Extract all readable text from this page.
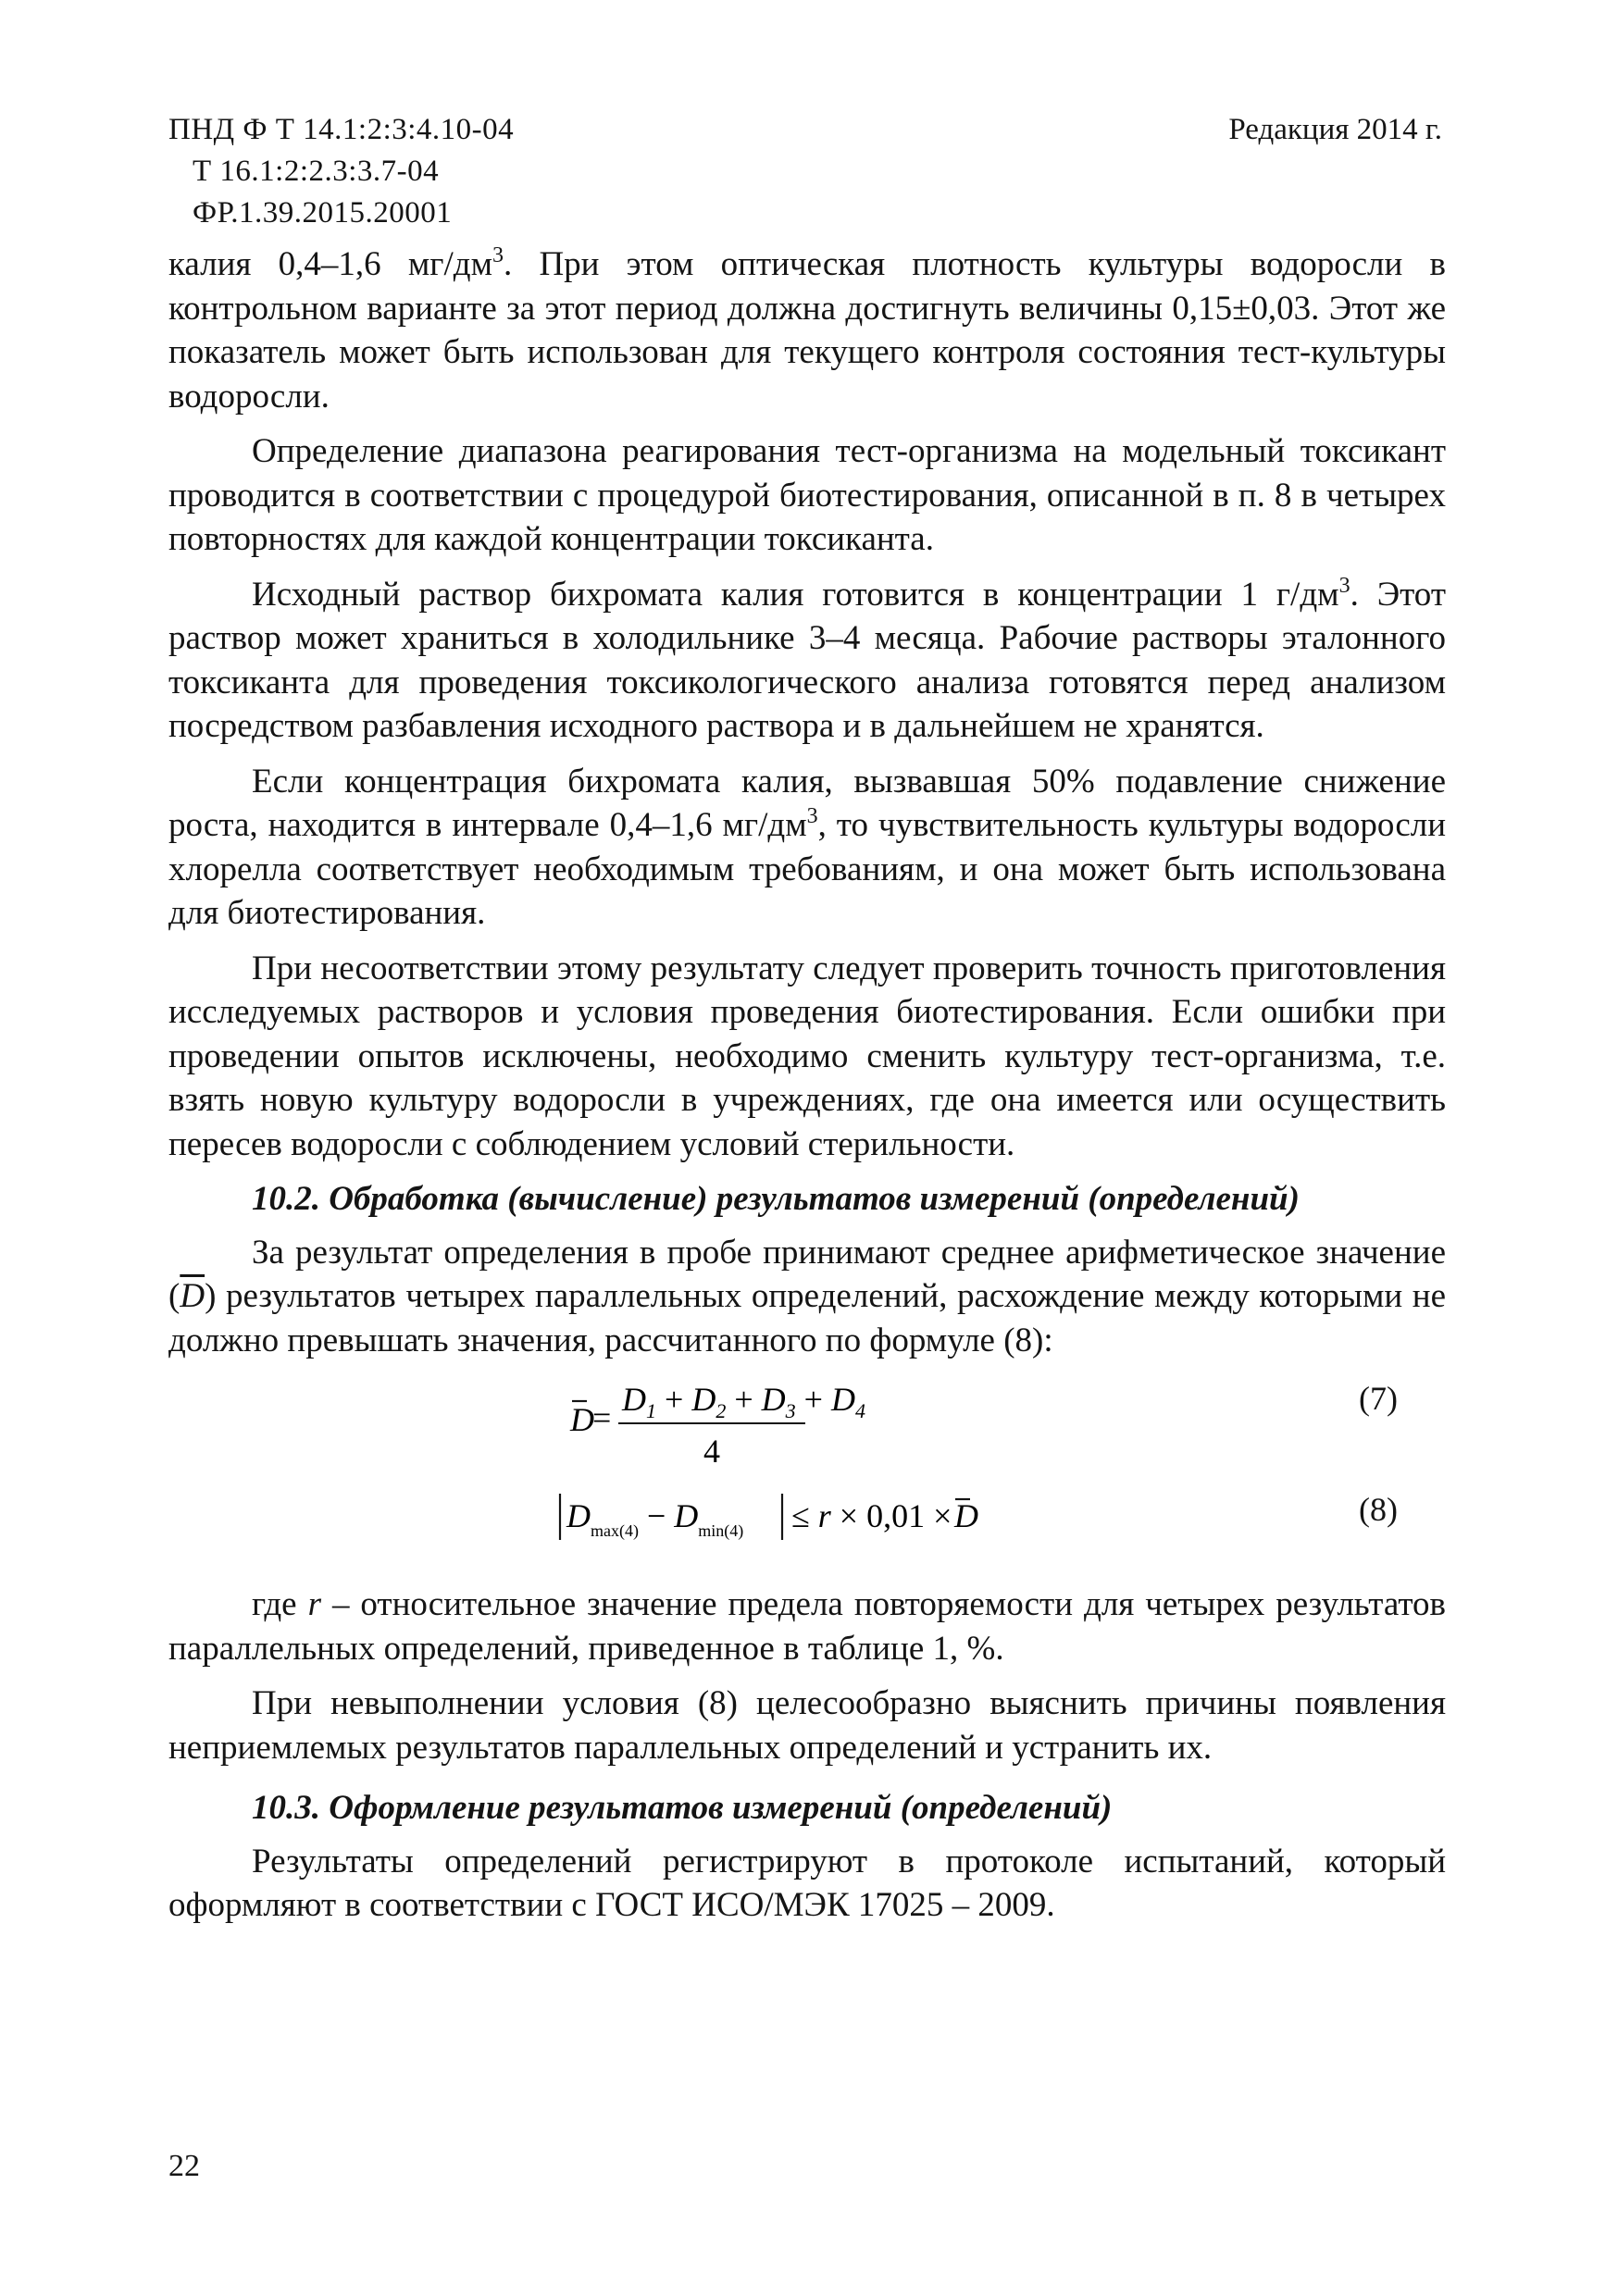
ПНД Ф Т 14.1:2:3:4.10-04
Т 16.1:2:2.3:3.7-04
ФР.1.39.2015.20001
Редакция 2014 г.

калия 0,4–1,6 $мг/дм^3$. При этом оптическая плотность культуры водоросли в контрольном варианте за этот период должна достигнуть величины 0,15±0,03. Этот же показатель может быть использован для текущего контроля состояния тест-культуры водоросли.

Определение диапазона реагирования тест-организма на модельный токсикант проводится в соответствии с процедурой биотестирования, описанной в п. 8 в четырех повторностях для каждой концентрации токсиканта.

Исходный раствор бихромата калия готовится в концентрации 1 $г/дм^3$. Этот раствор может храниться в холодильнике 3–4 месяца. Рабочие растворы эталонного токсиканта для проведения токсикологического анализа готовятся перед анализом посредством разбавления исходного раствора и в дальнейшем не хранятся.

Если концентрация бихромата калия, вызвавшая 50% подавление снижение роста, находится в интервале 0,4–1,6 $мг/дм^3$, то чувствительность культуры водоросли хлорелла соответствует необходимым требованиям, и она может быть использована для биотестирования.

При несоответствии этому результату следует проверить точность приготовления исследуемых растворов и условия проведения биотестирования. Если ошибки при проведении опытов исключены, необходимо сменить культуру тест-организма, т.е. взять новую культуру водоросли в учреждениях, где она имеется или осуществить пересев водоросли с соблюдением условий стерильности.

10.2. Обработка (вычисление) результатов измерений (определений)

За результат определения в пробе принимают среднее арифметическое значение $(\overline{D})$ результатов четырех параллельных определений, расхождение между которыми не должно превышать значения, рассчитанного по формуле (8):

D
= $D_1 + D_2 + D_3 + D_4$
4
$D_{max(4)} - D_{min(4)} \le r \times 0,01 \times D$
(7)
(8)

где r – относительное значение предела повторяемости для четырех результатов параллельных определений, приведенное в таблице 1, %.

При невыполнении условия (8) целесообразно выяснить причины появления неприемлемых результатов параллельных определений и устранить их.

10.3. Оформление результатов измерений (определений)

Результаты определений регистрируют в протоколе испытаний, который оформляют в соответствии с ГОСТ ИСО/МЭК 17025 – 2009.

22
